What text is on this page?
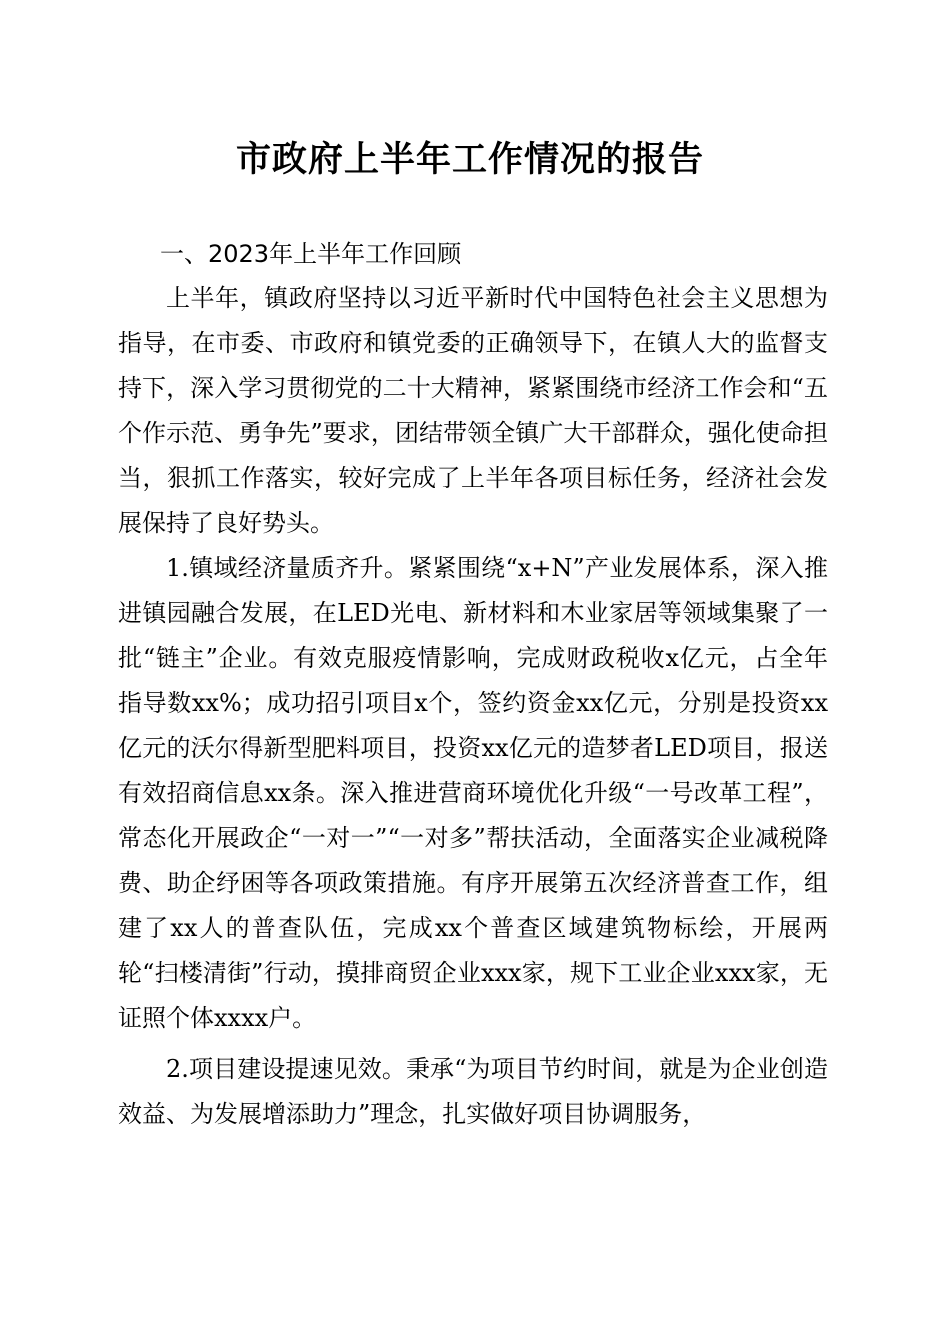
市政府上半年工作情况的报告
一、2023年上半年工作回顾

上半年，镇政府坚持以习近平新时代中国特色社会主义思想为指导，在市委、市政府和镇党委的正确领导下，在镇人大的监督支持下，深入学习贯彻党的二十大精神，紧紧围绕市经济工作会和“五个作示范、勇争先”要求，团结带领全镇广大干部群众，强化使命担当，狠抓工作落实，较好完成了上半年各项目标任务，经济社会发展保持了良好势头。

1.镇域经济量质齐升。紧紧围绕“x+N”产业发展体系，深入推进镇园融合发展，在LED光电、新材料和木业家居等领域集聚了一批“链主”企业。有效克服疫情影响，完成财政税收x亿元，占全年指导数xx%；成功招引项目x个，签约资金xx亿元，分别是投资xx亿元的沃尔得新型肥料项目，投资xx亿元的造梦者LED项目，报送有效招商信息xx条。深入推进营商环境优化升级“一号改革工程”，常态化开展政企“一对一”“一对多”帮扶活动，全面落实企业减税降费、助企纾困等各项政策措施。有序开展第五次经济普查工作，组建了xx人的普查队伍，完成xx个普查区域建筑物标绘，开展两轮“扫楼清街”行动，摸排商贸企业xxx家，规下工业企业xxx家，无证照个体xxxx户。

2.项目建设提速见效。秉承“为项目节约时间，就是为企业创造效益、为发展增添助力”理念，扎实做好项目协调服务，
